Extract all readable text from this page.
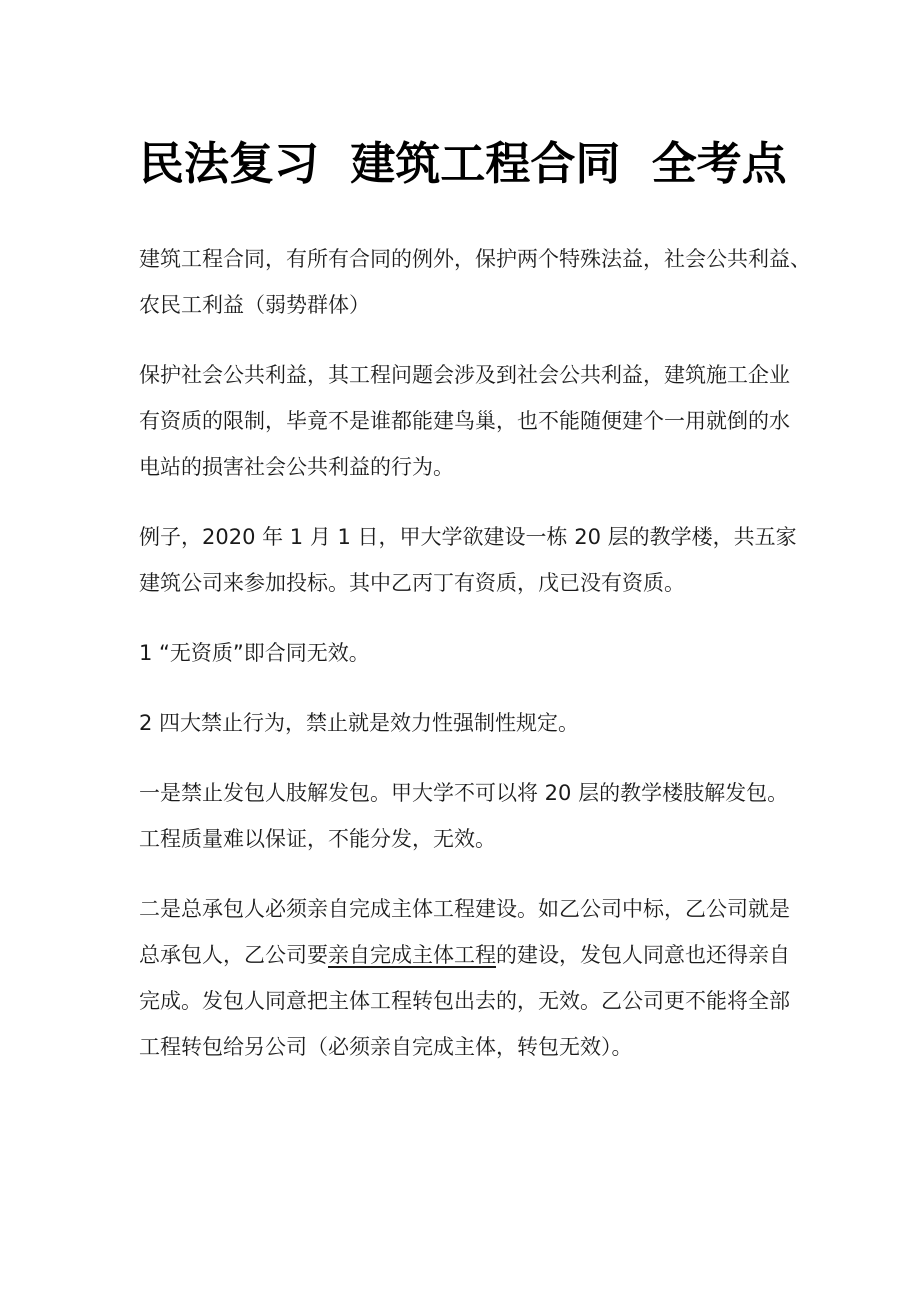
民法复习  建筑工程合同  全考点

建筑工程合同，有所有合同的例外，保护两个特殊法益，社会公共利益、
农民工利益（弱势群体）

保护社会公共利益，其工程问题会涉及到社会公共利益，建筑施工企业
有资质的限制，毕竟不是谁都能建鸟巢，也不能随便建个一用就倒的水
电站的损害社会公共利益的行为。

例子，2020 年 1 月 1 日，甲大学欲建设一栋 20 层的教学楼，共五家
建筑公司来参加投标。其中乙丙丁有资质，戊已没有资质。

1 “无资质”即合同无效。

2 四大禁止行为，禁止就是效力性强制性规定。

一是禁止发包人肢解发包。甲大学不可以将 20 层的教学楼肢解发包。
工程质量难以保证，不能分发，无效。

二是总承包人必须亲自完成主体工程建设。如乙公司中标，乙公司就是
总承包人，乙公司要亲自完成主体工程的建设，发包人同意也还得亲自
完成。发包人同意把主体工程转包出去的，无效。乙公司更不能将全部
工程转包给另公司（必须亲自完成主体，转包无效）。
